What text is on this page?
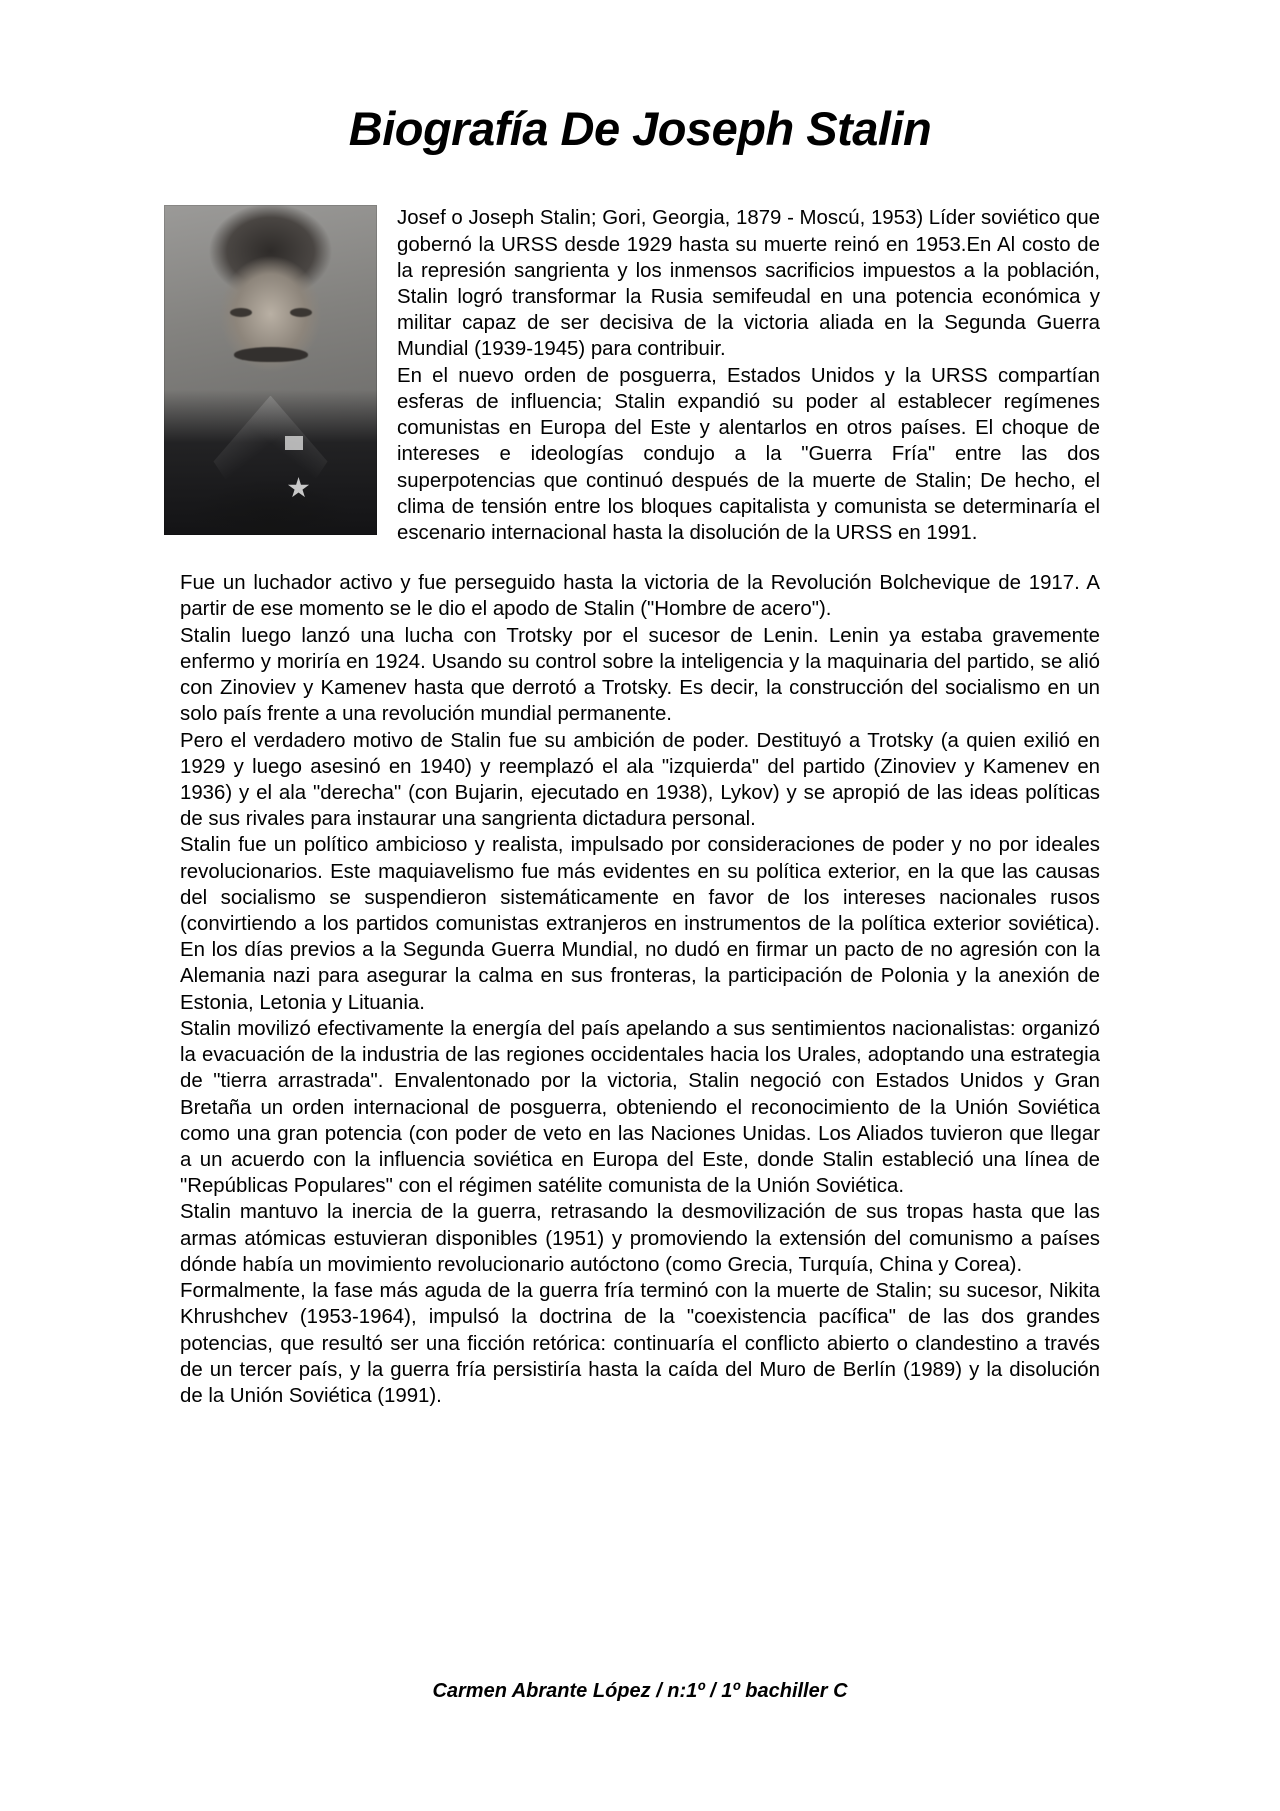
Biografía De Joseph Stalin

Josef o Joseph Stalin; Gori, Georgia, 1879 - Moscú, 1953) Líder soviético que gobernó la URSS desde 1929 hasta su muerte reinó en 1953.En Al costo de la represión sangrienta y los inmensos sacrificios impuestos a la población, Stalin logró transformar la Rusia semifeudal en una potencia económica y militar capaz de ser decisiva de la victoria aliada en la Segunda Guerra Mundial (1939-1945) para contribuir.

En el nuevo orden de posguerra, Estados Unidos y la URSS compartían esferas de influencia; Stalin expandió su poder al establecer regímenes comunistas en Europa del Este y alentarlos en otros países. El choque de intereses e ideologías condujo a la "Guerra Fría" entre las dos superpotencias que continuó después de la muerte de Stalin; De hecho, el clima de tensión entre los bloques capitalista y comunista se determinaría el escenario internacional hasta la disolución de la URSS en 1991.

Fue un luchador activo y fue perseguido hasta la victoria de la Revolución Bolchevique de 1917. A partir de ese momento se le dio el apodo de Stalin ("Hombre de acero").

Stalin luego lanzó una lucha con Trotsky por el sucesor de Lenin. Lenin ya estaba gravemente enfermo y moriría en 1924. Usando su control sobre la inteligencia y la maquinaria del partido, se alió con Zinoviev y Kamenev hasta que derrotó a Trotsky. Es decir, la construcción del socialismo en un solo país frente a una revolución mundial permanente.

Pero el verdadero motivo de Stalin fue su ambición de poder. Destituyó a Trotsky (a quien exilió en 1929 y luego asesinó en 1940) y reemplazó el ala "izquierda" del partido (Zinoviev y Kamenev en 1936) y el ala "derecha" (con Bujarin, ejecutado en 1938), Lykov) y se apropió de las ideas políticas de sus rivales para instaurar una sangrienta dictadura personal.

Stalin fue un político ambicioso y realista, impulsado por consideraciones de poder y no por ideales revolucionarios. Este maquiavelismo fue más evidentes en su política exterior, en la que las causas del socialismo se suspendieron sistemáticamente en favor de los intereses nacionales rusos (convirtiendo a los partidos comunistas extranjeros en instrumentos de la política exterior soviética). En los días previos a la Segunda Guerra Mundial, no dudó en firmar un pacto de no agresión con la Alemania nazi para asegurar la calma en sus fronteras, la participación de Polonia y la anexión de Estonia, Letonia y Lituania.

Stalin movilizó efectivamente la energía del país apelando a sus sentimientos nacionalistas: organizó la evacuación de la industria de las regiones occidentales hacia los Urales, adoptando una estrategia de "tierra arrastrada". Envalentonado por la victoria, Stalin negoció con Estados Unidos y Gran Bretaña un orden internacional de posguerra, obteniendo el reconocimiento de la Unión Soviética como una gran potencia (con poder de veto en las Naciones Unidas. Los Aliados tuvieron que llegar a un acuerdo con la influencia soviética en Europa del Este, donde Stalin estableció una línea de "Repúblicas Populares" con el régimen satélite comunista de la Unión Soviética.

Stalin mantuvo la inercia de la guerra, retrasando la desmovilización de sus tropas hasta que las armas atómicas estuvieran disponibles (1951) y promoviendo la extensión del comunismo a países dónde había un movimiento revolucionario autóctono (como Grecia, Turquía, China y Corea).

Formalmente, la fase más aguda de la guerra fría terminó con la muerte de Stalin; su sucesor, Nikita Khrushchev (1953-1964), impulsó la doctrina de la "coexistencia pacífica" de las dos grandes potencias, que resultó ser una ficción retórica: continuaría el conflicto abierto o clandestino a través de un tercer país, y la guerra fría persistiría hasta la caída del Muro de Berlín (1989) y la disolución de la Unión Soviética (1991).

Carmen Abrante López / n:1º / 1º bachiller C
